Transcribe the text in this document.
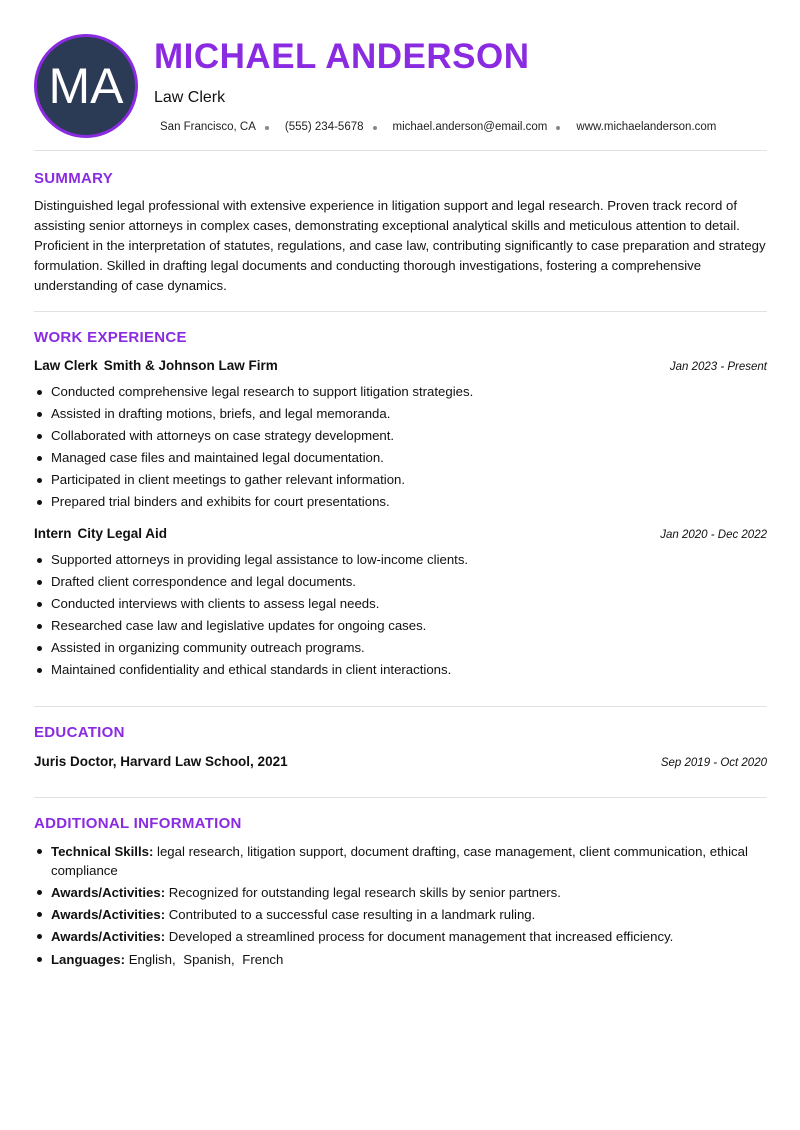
MA
MICHAEL ANDERSON
Law Clerk
San Francisco, CA	(555) 234-5678	michael.anderson@email.com	www.michaelanderson.com
SUMMARY

Distinguished legal professional with extensive experience in litigation support and legal research. Proven track record of assisting senior attorneys in complex cases, demonstrating exceptional analytical skills and meticulous attention to detail. Proficient in the interpretation of statutes, regulations, and case law, contributing significantly to case preparation and strategy formulation. Skilled in drafting legal documents and conducting thorough investigations, fostering a comprehensive understanding of case dynamics.

WORK EXPERIENCE
Law Clerk Smith & Johnson Law Firm	Jan 2023 - Present
Conducted comprehensive legal research to support litigation strategies.
Assisted in drafting motions, briefs, and legal memoranda.
Collaborated with attorneys on case strategy development.
Managed case files and maintained legal documentation.
Participated in client meetings to gather relevant information.
Prepared trial binders and exhibits for court presentations.
Intern City Legal Aid	Jan 2020 - Dec 2022
Supported attorneys in providing legal assistance to low-income clients.
Drafted client correspondence and legal documents.
Conducted interviews with clients to assess legal needs.
Researched case law and legislative updates for ongoing cases.
Assisted in organizing community outreach programs.
Maintained confidentiality and ethical standards in client interactions.
EDUCATION
Juris Doctor, Harvard Law School, 2021	Sep 2019 - Oct 2020
ADDITIONAL INFORMATION
Technical Skills: legal research, litigation support, document drafting, case management, client communication, ethical compliance
Awards/Activities: Recognized for outstanding legal research skills by senior partners.
Awards/Activities: Contributed to a successful case resulting in a landmark ruling.
Awards/Activities: Developed a streamlined process for document management that increased efficiency.
Languages: English, Spanish, French
